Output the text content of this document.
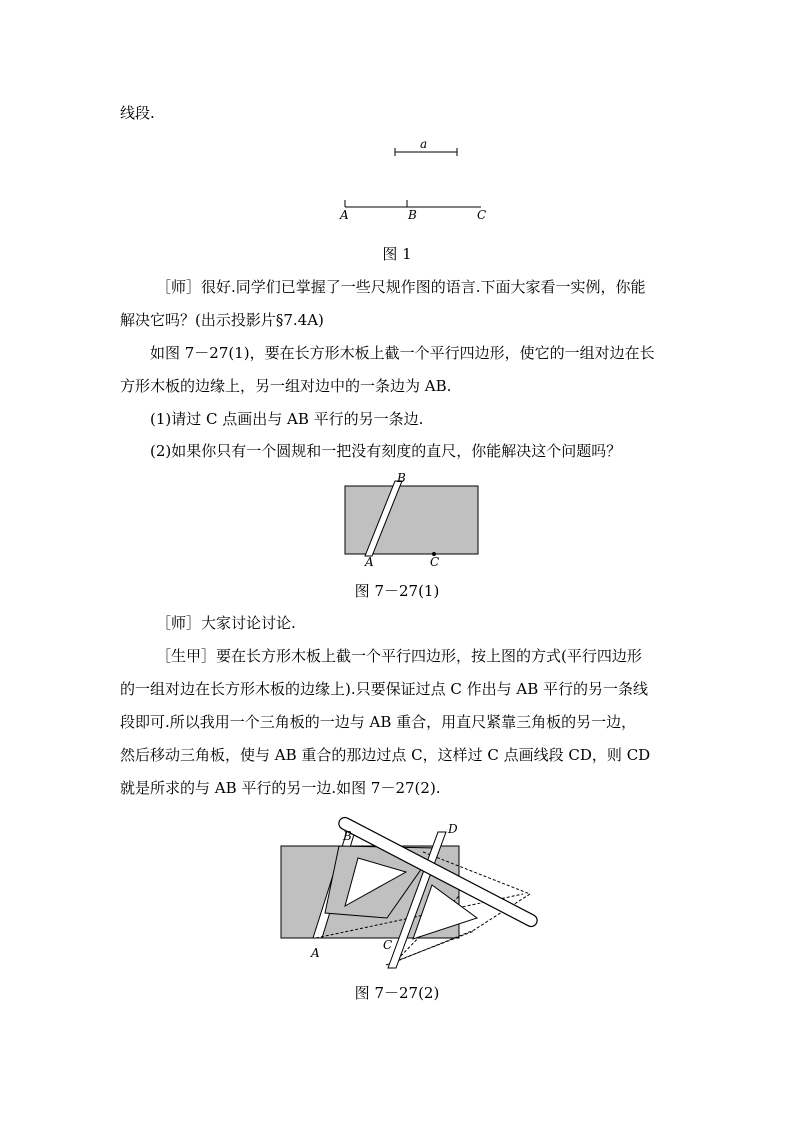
线段.
a
A	B	C
图 1
［师］很好.同学们已掌握了一些尺规作图的语言.下面大家看一实例，你能
解决它吗？(出示投影片§7.4A)
如图 7－27(1)，要在长方形木板上截一个平行四边形，使它的一组对边在长
方形木板的边缘上，另一组对边中的一条边为 AB.
(1)请过 C 点画出与 AB 平行的另一条边.
(2)如果你只有一个圆规和一把没有刻度的直尺，你能解决这个问题吗？
B
A	C
图 7－27(1)
［师］大家讨论讨论.
［生甲］要在长方形木板上截一个平行四边形，按上图的方式(平行四边形
的一组对边在长方形木板的边缘上).只要保证过点 C 作出与 AB 平行的另一条线
段即可.所以我用一个三角板的一边与 AB 重合，用直尺紧靠三角板的另一边，
然后移动三角板，使与 AB 重合的那边过点 C，这样过 C 点画线段 CD，则 CD
就是所求的与 AB 平行的另一边.如图 7－27(2).
B	D
A
C
图 7－27(2)
